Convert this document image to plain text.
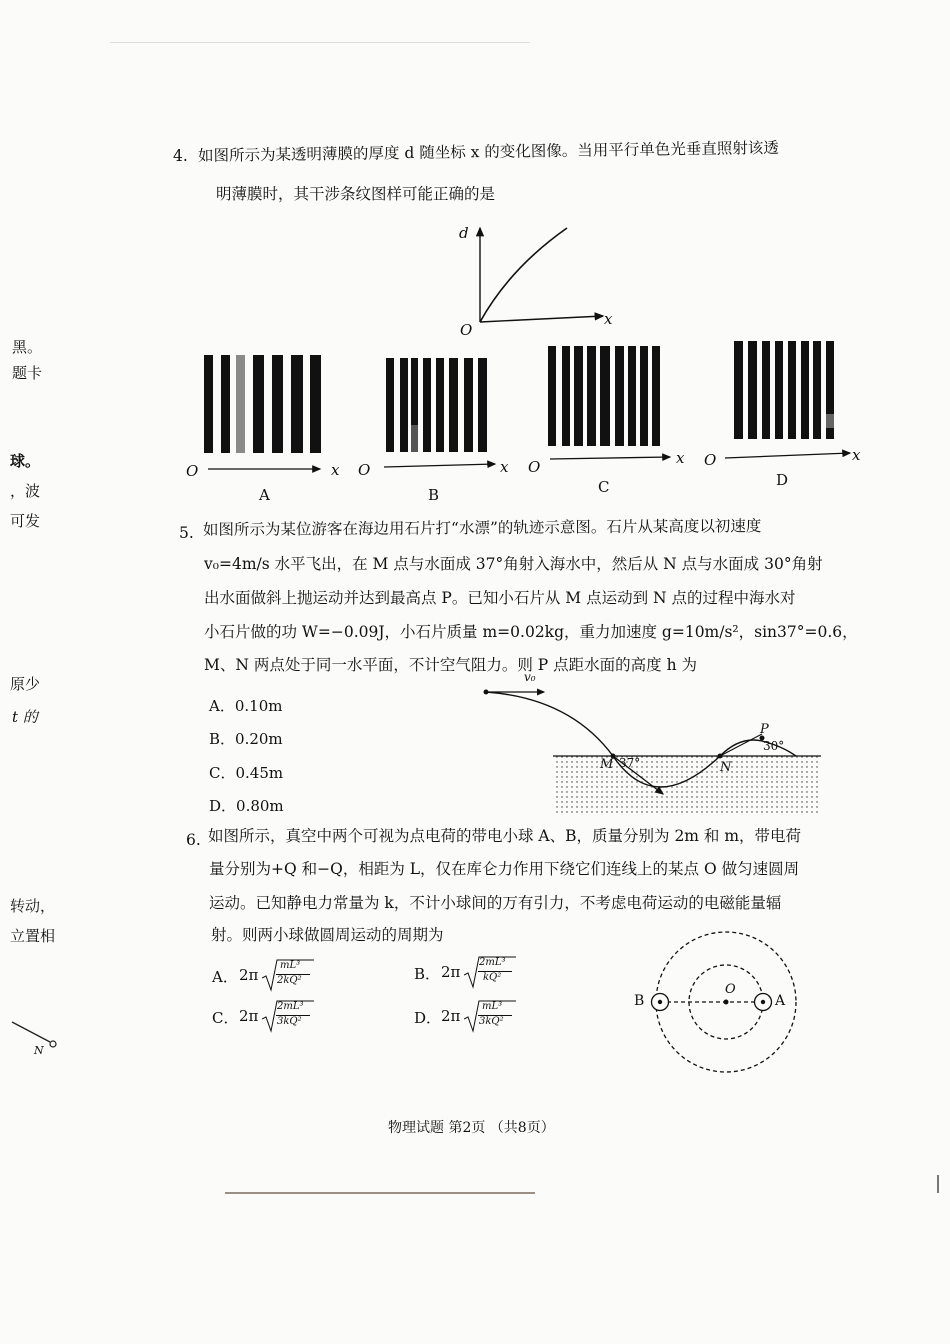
黑。
题卡
球。
，波
可发
原少
t 的
转动，
立置相
N
4. 如图所示为某透明薄膜的厚度 d 随坐标 x 的变化图像。当用平行单色光垂直照射该透
明薄膜时，其干涉条纹图样可能正确的是
d
x
O
O	x
A
O	x
B
O	x
C
O	x
D
5. 如图所示为某位游客在海边用石片打“水漂”的轨迹示意图。石片从某高度以初速度
v₀=4m/s 水平飞出，在 M 点与水面成 37°角射入海水中，然后从 N 点与水面成 30°角射
出水面做斜上抛运动并达到最高点 P。已知小石片从 M 点运动到 N 点的过程中海水对
小石片做的功 W=−0.09J，小石片质量 m=0.02kg，重力加速度 g=10m/s²，sin37°=0.6，
M、N 两点处于同一水平面，不计空气阻力。则 P 点距水面的高度 h 为
A．0.10m
B．0.20m
C．0.45m
D．0.80m
v₀
M 37°	N
30°
P
6. 如图所示，真空中两个可视为点电荷的带电小球 A、B，质量分别为 2m 和 m，带电荷
量分别为+Q 和−Q，相距为 L，仅在库仑力作用下绕它们连线上的某点 O 做匀速圆周
运动。已知静电力常量为 k，不计小球间的万有引力，不考虑电荷运动的电磁能量辐
射。则两小球做圆周运动的周期为
A． 2π
mL³
2kQ²	B． 2π
2mL³
kQ²
C． 2π
2mL³
3kQ²	D． 2π
mL³
3kQ²
B	A
O
物理试题 第2页 （共8页）
